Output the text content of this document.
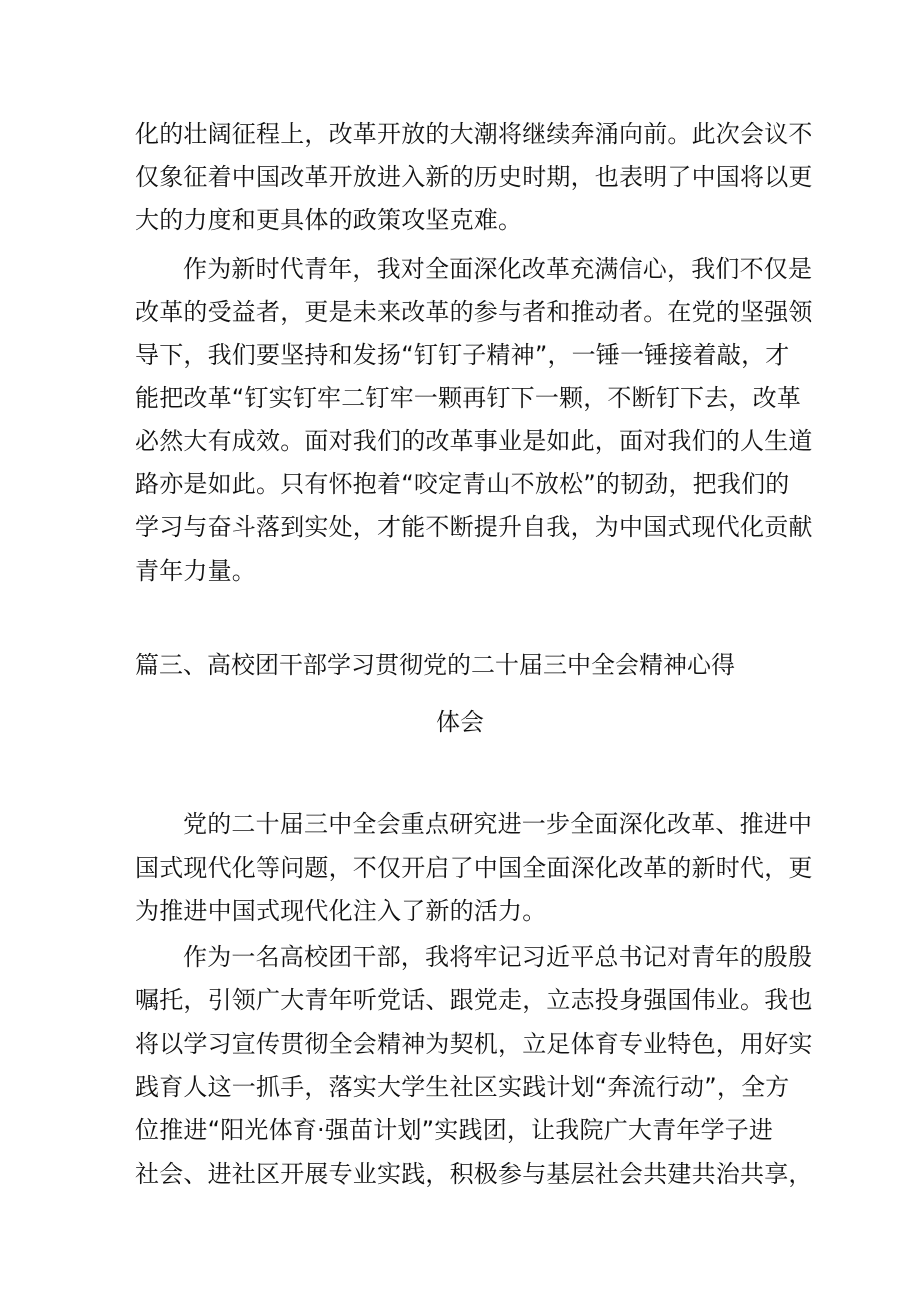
化的壮阔征程上，改革开放的大潮将继续奔涌向前。此次会议不
仅象征着中国改革开放进入新的历史时期，也表明了中国将以更
大的力度和更具体的政策攻坚克难。
作为新时代青年，我对全面深化改革充满信心，我们不仅是
改革的受益者，更是未来改革的参与者和推动者。在党的坚强领
导下，我们要坚持和发扬“钉钉子精神”，一锤一锤接着敲，才
能把改革“钉实钉牢二钉牢一颗再钉下一颗，不断钉下去，改革
必然大有成效。面对我们的改革事业是如此，面对我们的人生道
路亦是如此。只有怀抱着“咬定青山不放松”的韧劲，把我们的
学习与奋斗落到实处，才能不断提升自我，为中国式现代化贡献
青年力量。
篇三、高校团干部学习贯彻党的二十届三中全会精神心得
体会
党的二十届三中全会重点研究进一步全面深化改革、推进中
国式现代化等问题，不仅开启了中国全面深化改革的新时代，更
为推进中国式现代化注入了新的活力。
作为一名高校团干部，我将牢记习近平总书记对青年的殷殷
嘱托，引领广大青年听党话、跟党走，立志投身强国伟业。我也
将以学习宣传贯彻全会精神为契机，立足体育专业特色，用好实
践育人这一抓手，落实大学生社区实践计划“奔流行动”，全方
位推进“阳光体育·强苗计划”实践团，让我院广大青年学子进
社会、进社区开展专业实践，积极参与基层社会共建共治共享，
